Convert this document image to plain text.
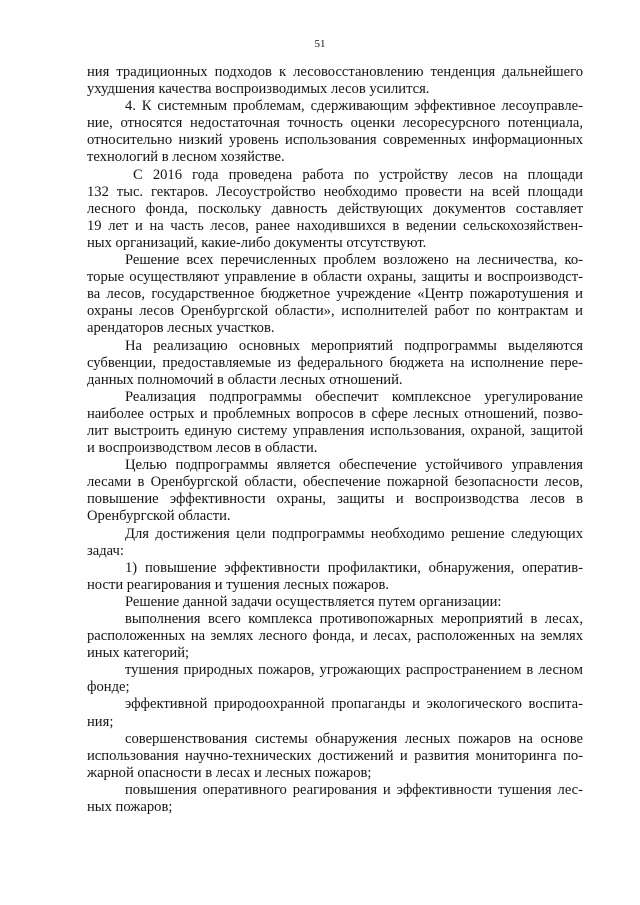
51
ния традиционных подходов к лесовосстановлению тенденция дальнейшего
ухудшения качества воспроизводимых лесов усилится.
4. К системным проблемам, сдерживающим эффективное лесоуправле-
ние, относятся недостаточная точность оценки лесоресурсного потенциала,
относительно низкий уровень использования современных информационных
технологий в лесном хозяйстве.
С 2016 года проведена работа по устройству лесов на площади
132 тыс. гектаров. Лесоустройство необходимо провести на всей площади
лесного фонда, поскольку давность действующих документов составляет
19 лет и на часть лесов, ранее находившихся в ведении сельскохозяйствен-
ных организаций, какие-либо документы отсутствуют.
Решение всех перечисленных проблем возложено на лесничества, ко-
торые осуществляют управление в области охраны, защиты и воспроизводст-
ва лесов, государственное бюджетное учреждение «Центр пожаротушения и
охраны лесов Оренбургской области», исполнителей работ по контрактам и
арендаторов лесных участков.
На реализацию основных мероприятий подпрограммы выделяются
субвенции, предоставляемые из федерального бюджета на исполнение пере-
данных полномочий в области лесных отношений.
Реализация подпрограммы обеспечит комплексное урегулирование
наиболее острых и проблемных вопросов в сфере лесных отношений, позво-
лит выстроить единую систему управления использования, охраной, защитой
и воспроизводством лесов в области.
Целью подпрограммы является обеспечение устойчивого управления
лесами в Оренбургской области, обеспечение пожарной безопасности лесов,
повышение эффективности охраны, защиты и воспроизводства лесов в
Оренбургской области.
Для достижения цели подпрограммы необходимо решение следующих
задач:
1) повышение эффективности профилактики, обнаружения, оператив-
ности реагирования и тушения лесных пожаров.
Решение данной задачи осуществляется путем организации:
выполнения всего комплекса противопожарных мероприятий в лесах,
расположенных на землях лесного фонда, и лесах, расположенных на землях
иных категорий;
тушения природных пожаров, угрожающих распространением в лесном
фонде;
эффективной природоохранной пропаганды и экологического воспита-
ния;
совершенствования системы обнаружения лесных пожаров на основе
использования научно-технических достижений и развития мониторинга по-
жарной опасности в лесах и лесных пожаров;
повышения оперативного реагирования и эффективности тушения лес-
ных пожаров;
